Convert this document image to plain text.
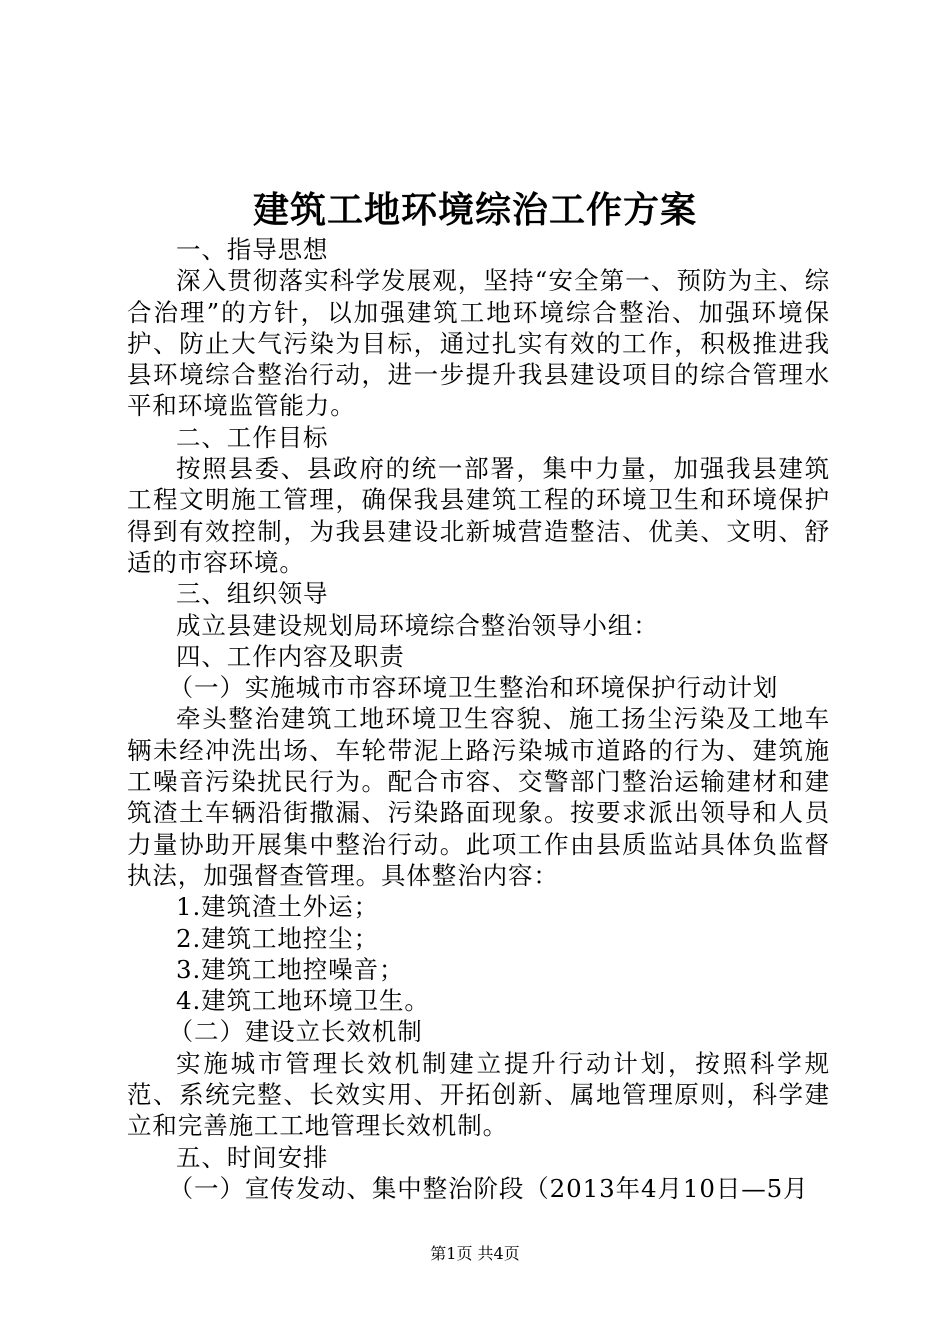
建筑工地环境综治工作方案

一、指导思想

深入贯彻落实科学发展观，坚持“安全第一、预防为主、综合治理”的方针，以加强建筑工地环境综合整治、加强环境保护、防止大气污染为目标，通过扎实有效的工作，积极推进我县环境综合整治行动，进一步提升我县建设项目的综合管理水平和环境监管能力。

二、工作目标

按照县委、县政府的统一部署，集中力量，加强我县建筑工程文明施工管理，确保我县建筑工程的环境卫生和环境保护得到有效控制，为我县建设北新城营造整洁、优美、文明、舒适的市容环境。

三、组织领导

成立县建设规划局环境综合整治领导小组：

四、工作内容及职责

（一）实施城市市容环境卫生整治和环境保护行动计划

牵头整治建筑工地环境卫生容貌、施工扬尘污染及工地车辆未经冲洗出场、车轮带泥上路污染城市道路的行为、建筑施工噪音污染扰民行为。配合市容、交警部门整治运输建材和建筑渣土车辆沿街撒漏、污染路面现象。按要求派出领导和人员力量协助开展集中整治行动。此项工作由县质监站具体负监督执法，加强督查管理。具体整治内容：

1.建筑渣土外运；

2.建筑工地控尘；

3.建筑工地控噪音；

4.建筑工地环境卫生。

（二）建设立长效机制

实施城市管理长效机制建立提升行动计划，按照科学规范、系统完整、长效实用、开拓创新、属地管理原则，科学建立和完善施工工地管理长效机制。

五、时间安排

（一）宣传发动、集中整治阶段（2013年4月10日—5月

第1页 共4页
